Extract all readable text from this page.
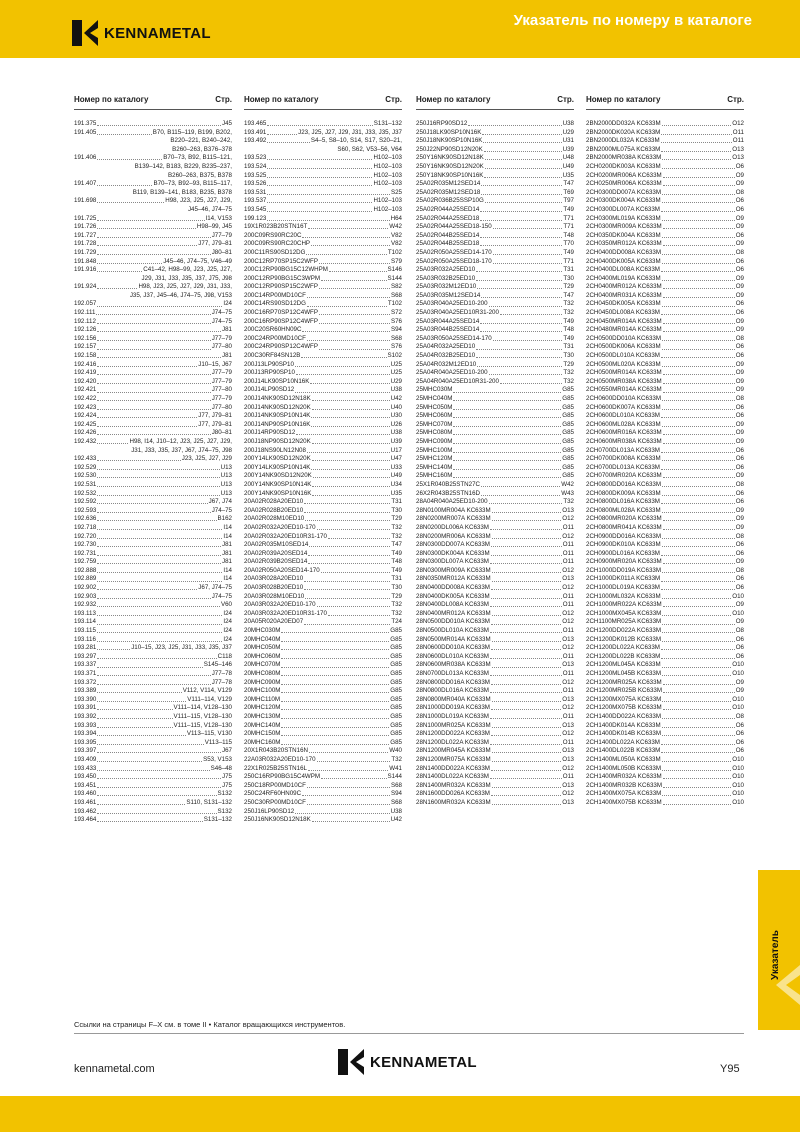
Указатель по номеру в каталоге
KENNAMETAL
Номер по каталогу	Стр.
191.375	J45
191.405	B70, B115–119, B199, B202,
B220–221, B240–242,
B260–263, B376–378
191.406	B70–73, B92, B115–121,
B139–142, B183, B229, B235–237,
B260–263, B375, B378
191.407	B70–73, B92–93, B115–117,
B119, B139–141, B183, B235, B378
191.698	H98, J23, J25, J27, J29,
J45–46, J74–75
191.725	I14, V153
191.726	H98–99, J45
191.727	J77–79
191.728	J77, J79–81
191.729	J80–81
191.848	J45–46, J74–75, V46–49
191.916	C41–42, H98–99, J23, J25, J27,
J29, J31, J33, J35, J37, J75, J98
191.924	H98, J23, J25, J27, J29, J31, J33,
J35, J37, J45–46, J74–75, J98, V153
192.057	I24
192.111	J74–75
192.112	J74–75
192.126	J81
192.156	J77–79
192.157	J77–80
192.158	J81
192.416	J10–15, J67
192.419	J77–79
192.420	J77–79
192.421	J77–80
192.422	J77–79
192.423	J77–80
192.424	J77, J79–81
192.425	J77, J79–81
192.426	J80–81
192.432	H98, I14, J10–12, J23, J25, J27, J29,
J31, J33, J35, J37, J67, J74–75, J98
192.433	J23, J25, J27, J29
192.529	U13
192.530	U13
192.531	U13
192.532	U13
192.592	J67, J74
192.593	J74–75
192.636	B162
192.718	I14
192.720	I14
192.730	J81
192.731	J81
192.759	J81
192.888	I14
192.889	I14
192.902	J67, J74–75
192.903	J74–75
192.932	V60
193.113	I24
193.114	I24
193.115	I24
193.116	I24
193.281	J10–15, J23, J25, J31, J33, J35, J37
193.297	C118
193.337	S145–146
193.371	J77–78
193.372	J77–78
193.389	V112, V114, V129
193.390	V111–114, V129
193.391	V111–114, V128–130
193.392	V111–115, V128–130
193.393	V111–115, V128–130
193.394	V113–115, V130
193.395	V113–115
193.397	J67
193.409	S53, V153
193.433	S46–48
193.450	J75
193.451	J75
193.460	S132
193.461	S110, S131–132
193.462	S132
193.464	S131–132
Номер по каталогу	Стр.
193.465	S131–132
193.491	J23, J25, J27, J29, J31, J33, J35, J37
193.492	S4–5, S8–10, S14, S17, S20–21,
S60, S62, V53–56, V64
193.523	H102–103
193.524	H102–103
193.525	H102–103
193.526	H102–103
193.531	S25
193.537	H102–103
193.545	H102–103
199.123	H64
19X1R023B20STN16T	W42
200C09RS90RC20C	V82
200C09RS90RC20CHP	V82
200C11RS90SD12DG	T102
200C12RP70SP15C2WFP	S79
200C12RP90BG15C12WHPM	S146
200C12RP90BG15C3WPM	S144
200C12RP90SP15C2WFP	S82
200C14RP00MD10CF	S68
200C14RS90SD12DG	T102
200C16RP70SP12C4WFP	S72
200C16RP90SP12C4WFP	S76
200C20SR60HN09C	S94
200C24RP00MD10CF	S68
200C24RP90SP12C4WFP	S76
200C30RF84SN12B	S102
200J13LP90SP10	U25
200J13RP90SP10	U25
200J14LK90SP10N16K	U29
200J14LP90SD12	U38
200J14NK90SD12N18K	U42
200J14NK90SD12N20K	U40
200J14NK90SP10N14K	U30
200J14NP90SP10N16K	U26
200J14RP90SD12	U38
200J18NP90SD12N20K	U39
200J18NS90LN12N08	U17
200Y14LK90SD12N20K	U47
200Y14LK90SP10N14K	U33
200Y14NK90SD12N20K	U49
200Y14NK90SP10N14K	U34
200Y14NK90SP10N16K	U35
20A02R028A20ED10	T31
20A02R028B20ED10	T30
20A02R028M10ED10	T29
20A02R032A20ED10-170	T32
20A02R032A20ED10R31-170	T32
20A02R035M10SED14	T47
20A02R039A20SED14	T49
20A02R039B20SED14	T48
20A02R050A20SED14-170	T49
20A03R028A20ED10	T31
20A03R028B20ED10	T30
20A03R028M10ED10	T29
20A03R032A20ED10-170	T32
20A03R032A20ED10R31-170	T32
20A05R020A20ED07	T24
20MHC030M	G85
20MHC040M	G85
20MHC050M	G85
20MHC060M	G85
20MHC070M	G85
20MHC080M	G85
20MHC090M	G85
20MHC100M	G85
20MHC110M	G85
20MHC120M	G85
20MHC130M	G85
20MHC140M	G85
20MHC150M	G85
20MHC160M	G85
20X1R043B20STN16N	W40
22A03R032A20ED10-170	T32
22X1R025B25STN16L	W41
250C16RP90BG15C4WPM	S144
250C18RP00MD10CF	S68
250C24RF60HN09C	S94
250C30RP00MD10CF	S68
250J16LP90SD12	U38
250J16NK90SD12N18K	U42
Номер по каталогу	Стр.
250J16RP90SD12	U38
250J18LK90SP10N16K	U29
250J18NK90SP10N16K	U31
250J22NP90SD12N20K	U39
250Y16NK90SD12N18K	U48
250Y16NK90SD12N20K	U49
250Y18NK90SP10N16K	U35
25A02R035M12SED14	T47
25A02R035M12SED18	T69
25A02R036B25SSP10G	T97
25A02R044A25SED14	T49
25A02R044A25SED18	T71
25A02R044A25SED18-150	T71
25A02R044B25SED14	T48
25A02R044B25SED18	T70
25A02R050A25SED14-170	T49
25A02R050A25SED18-170	T71
25A03R032A25ED10	T31
25A03R032B25ED10	T30
25A03R032M12ED10	T29
25A03R035M12SED14	T47
25A03R040A25ED10-200	T32
25A03R040A25ED10R31-200	T32
25A03R044A25SED14	T49
25A03R044B25SED14	T48
25A03R050A25SED14-170	T49
25A04R032A25ED10	T31
25A04R032B25ED10	T30
25A04R032M12ED10	T29
25A04R040A25ED10-200	T32
25A04R040A25ED10R31-200	T32
25MHC030M	G85
25MHC040M	G85
25MHC050M	G85
25MHC060M	G85
25MHC070M	G85
25MHC080M	G85
25MHC090M	G85
25MHC100M	G85
25MHC120M	G85
25MHC140M	G85
25MHC160M	G85
25X1R040B25STN27C	W42
26X2R043B25STN16D	W43
28A04R040A25ED10-200	T32
28N0100MR004A KC633M	O13
28N0200MR007A KC633M	O12
28N0200DL006A KC633M	O11
28N0200MR006A KC633M	O12
28N0300DD007A KC633M	O11
28N0300DK004A KC633M	O11
28N0300DL007A KC633M	O11
28N0300MR009A KC633M	O12
28N0350MR012A KC633M	O13
28N0400DD008A KC633M	O12
28N0400DK005A KC633M	O11
28N0400DL008A KC633M	O11
28N0400MR012A KC633M	O12
28N0500DD010A KC633M	O12
28N0500DL010A KC633M	O11
28N0500MR014A KC633M	O13
28N0600DD010A KC633M	O12
28N0600DL010A KC633M	O11
28N0600MR038A KC633M	O13
28N0700DL013A KC633M	O11
28N0800DD016A KC633M	O12
28N0800DL016A KC633M	O11
28N0800MR040A KC633M	O13
28N1000DD019A KC633M	O12
28N1000DL019A KC633M	O11
28N1000MR025A KC633M	O13
28N1200DD022A KC633M	O12
28N1200DL022A KC633M	O11
28N1200MR045A KC633M	O13
28N1200MR075A KC633M	O13
28N1400DD022A KC633M	O12
28N1400DL022A KC633M	O11
28N1400MR032A KC633M	O13
28N1600DD026A KC633M	O12
28N1600MR032A KC633M	O13
Номер по каталогу	Стр.
2BN2000DD032A KC633M	O12
2BN2000DK020A KC633M	O11
2BN2000DL032A KC633M	O11
2BN2000ML075A KC633M	O13
2BN2000MR038A KC633M	O13
2CH0200DK003A KC633M	O6
2CH0200MR006A KC633M	O9
2CH0250MR006A KC633M	O9
2CH0300DD007A KC633M	O8
2CH0300DK004A KC633M	O6
2CH0300DL007A KC633M	O6
2CH0300ML019A KC633M	O9
2CH0300MR009A KC633M	O9
2CH0350DK004A KC633M	O6
2CH0350MR012A KC633M	O9
2CH0400DD008A KC633M	O8
2CH0400DK005A KC633M	O6
2CH0400DL008A KC633M	O6
2CH0400ML019A KC633M	O9
2CH0400MR012A KC633M	O9
2CH0400MR031A KC633M	O9
2CH0450DK005A KC633M	O6
2CH0450DL008A KC633M	O6
2CH0450MR014A KC633M	O9
2CH0480MR014A KC633M	O9
2CH0500DD010A KC633M	O8
2CH0500DK006A KC633M	O6
2CH0500DL010A KC633M	O6
2CH0500ML020A KC633M	O9
2CH0500MR014A KC633M	O9
2CH0500MR038A KC633M	O9
2CH0550MR014A KC633M	O9
2CH0600DD010A KC633M	O8
2CH0600DK007A KC633M	O6
2CH0600DL010A KC633M	O6
2CH0600ML028A KC633M	O9
2CH0600MR016A KC633M	O9
2CH0600MR038A KC633M	O9
2CH0700DL013A KC633M	O6
2CH0700DK008A KC633M	O6
2CH0700DL013A KC633M	O6
2CH0700MR020A KC633M	O9
2CH0800DD016A KC633M	O8
2CH0800DK009A KC633M	O6
2CH0800DL016A KC633M	O6
2CH0800ML028A KC633M	O9
2CH0800MR020A KC633M	O9
2CH0800MR041A KC633M	O9
2CH0900DD016A KC633M	O8
2CH0900DK010A KC633M	O6
2CH0900DL016A KC633M	O6
2CH0900MR020A KC633M	O9
2CH1000DD019A KC633M	O8
2CH1000DK011A KC633M	O6
2CH1000DL019A KC633M	O6
2CH1000ML032A KC633M	O10
2CH1000MR022A KC633M	O9
2CH1000MX045A KC633M	O10
2CH1100MR025A KC633M	O9
2CH1200DD022A KC633M	O8
2CH1200DK012B KC633M	O6
2CH1200DL022A KC633M	O6
2CH1200DL022B KC633M	O6
2CH1200ML045A KC633M	O10
2CH1200ML045B KC633M	O10
2CH1200MR025A KC633M	O9
2CH1200MR025B KC633M	O9
2CH1200MX075A KC633M	O10
2CH1200MX075B KC633M	O10
2CH1400DD022A KC633M	O8
2CH1400DK014A KC633M	O6
2CH1400DK014B KC633M	O6
2CH1400DL022A KC633M	O6
2CH1400DL022B KC633M	O6
2CH1400ML050A KC633M	O10
2CH1400ML050B KC633M	O10
2CH1400MR032A KC633M	O10
2CH1400MR032B KC633M	O10
2CH1400MX075A KC633M	O10
2CH1400MX075B KC633M	O10
Ссылки на страницы F–X см. в томе II • Каталог вращающихся инструментов.
KENNAMETAL
kennametal.com	Y95
Указатель
